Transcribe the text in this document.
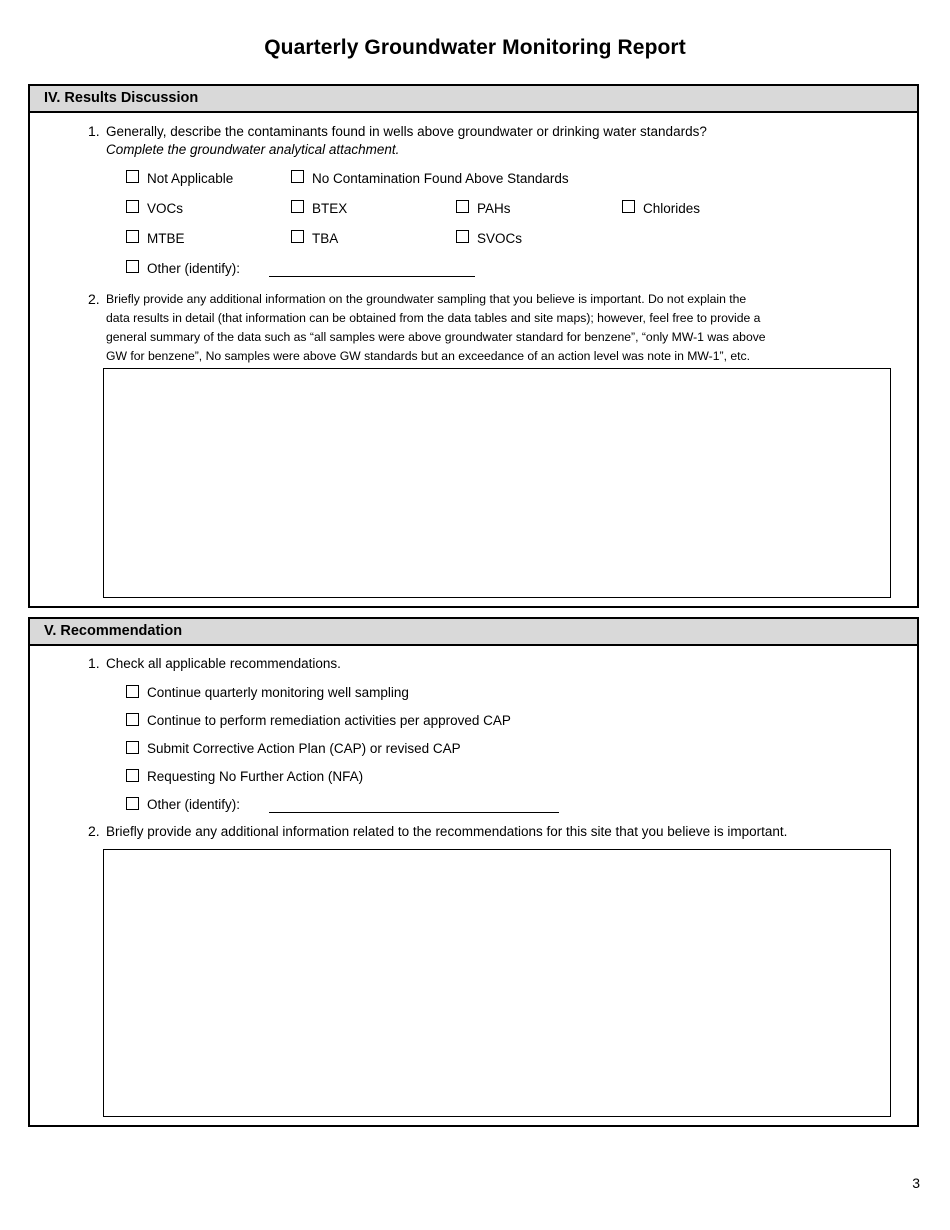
Quarterly Groundwater Monitoring Report
IV. Results Discussion
1. Generally, describe the contaminants found in wells above groundwater or drinking water standards?
Complete the groundwater analytical attachment.
Not Applicable	No Contamination Found Above Standards
VOCs	BTEX	PAHs	Chlorides
MTBE	TBA	SVOCs
Other (identify):
2. Briefly provide any additional information on the groundwater sampling that you believe is important. Do not explain the
data results in detail (that information can be obtained from the data tables and site maps); however, feel free to provide a
general summary of the data such as “all samples were above groundwater standard for benzene”, “only MW-1 was above
GW for benzene”, No samples were above GW standards but an exceedance of an action level was note in MW-1”, etc.
V. Recommendation
1. Check all applicable recommendations.
Continue quarterly monitoring well sampling
Continue to perform remediation activities per approved CAP
Submit Corrective Action Plan (CAP) or revised CAP
Requesting No Further Action (NFA)
Other (identify):
2. Briefly provide any additional information related to the recommendations for this site that you believe is important.
3
